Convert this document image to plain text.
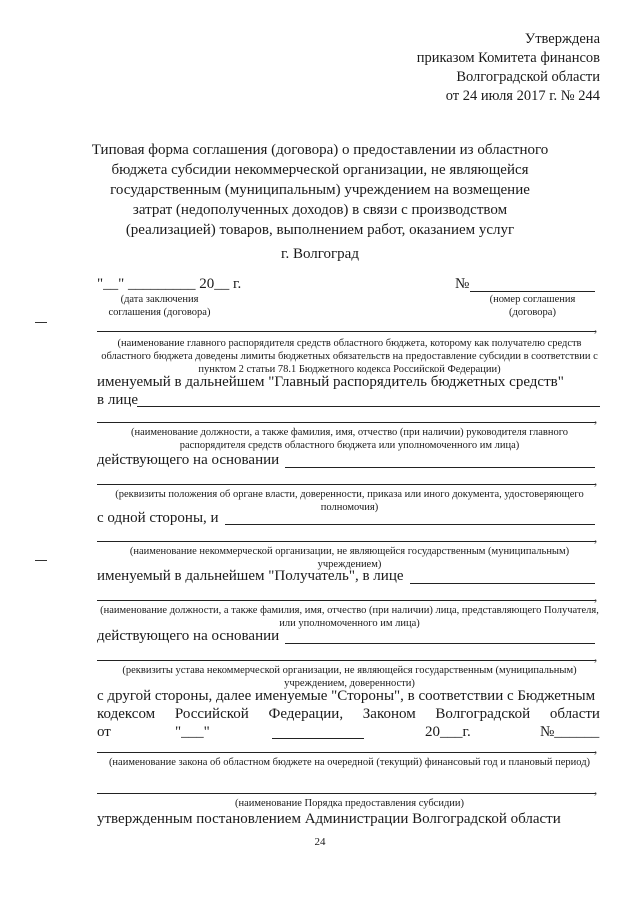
Утверждена
приказом Комитета финансов
Волгоградской области
от 24 июля 2017 г. № 244
Типовая форма соглашения (договора) о предоставлении из областного бюджета субсидии некоммерческой организации, не являющейся государственным (муниципальным) учреждением на возмещение затрат (недополученных доходов) в связи с производством (реализацией) товаров, выполнением работ, оказанием услуг
г. Волгоград
"__" _________ 20__ г.	№
(дата заключения соглашения (договора)
(номер соглашения (договора)
,
(наименование главного распорядителя средств областного бюджета, которому как получателю средств областного бюджета доведены лимиты бюджетных обязательств на предоставление субсидии в соответствии с пунктом 2 статьи 78.1 Бюджетного кодекса Российской Федерации)
именуемый в дальнейшем "Главный распорядитель бюджетных средств"
в лице
,
(наименование должности, а также фамилия, имя, отчество (при наличии) руководителя главного распорядителя средств областного бюджета или уполномоченного им лица)
действующего на основании
,
(реквизиты положения об органе власти, доверенности, приказа или иного документа, удостоверяющего полномочия)
с одной стороны, и
,
(наименование некоммерческой организации, не являющейся государственным (муниципальным) учреждением)
именуемый в дальнейшем "Получатель", в лице
,
(наименование должности, а также фамилия, имя, отчество (при наличии) лица, представляющего Получателя, или уполномоченного им лица)
действующего на основании
,
(реквизиты устава некоммерческой организации, не являющейся государственным (муниципальным) учреждением, доверенности)
с другой стороны, далее именуемые "Стороны", в соответствии с Бюджетным
кодексом Российской Федерации, Законом Волгоградской области
от	"___"	20___г.	№______
,
(наименование закона об областном бюджете на очередной (текущий) финансовый год и плановый период)
,
(наименование Порядка предоставления субсидии)
утвержденным постановлением Администрации Волгоградской области
24
